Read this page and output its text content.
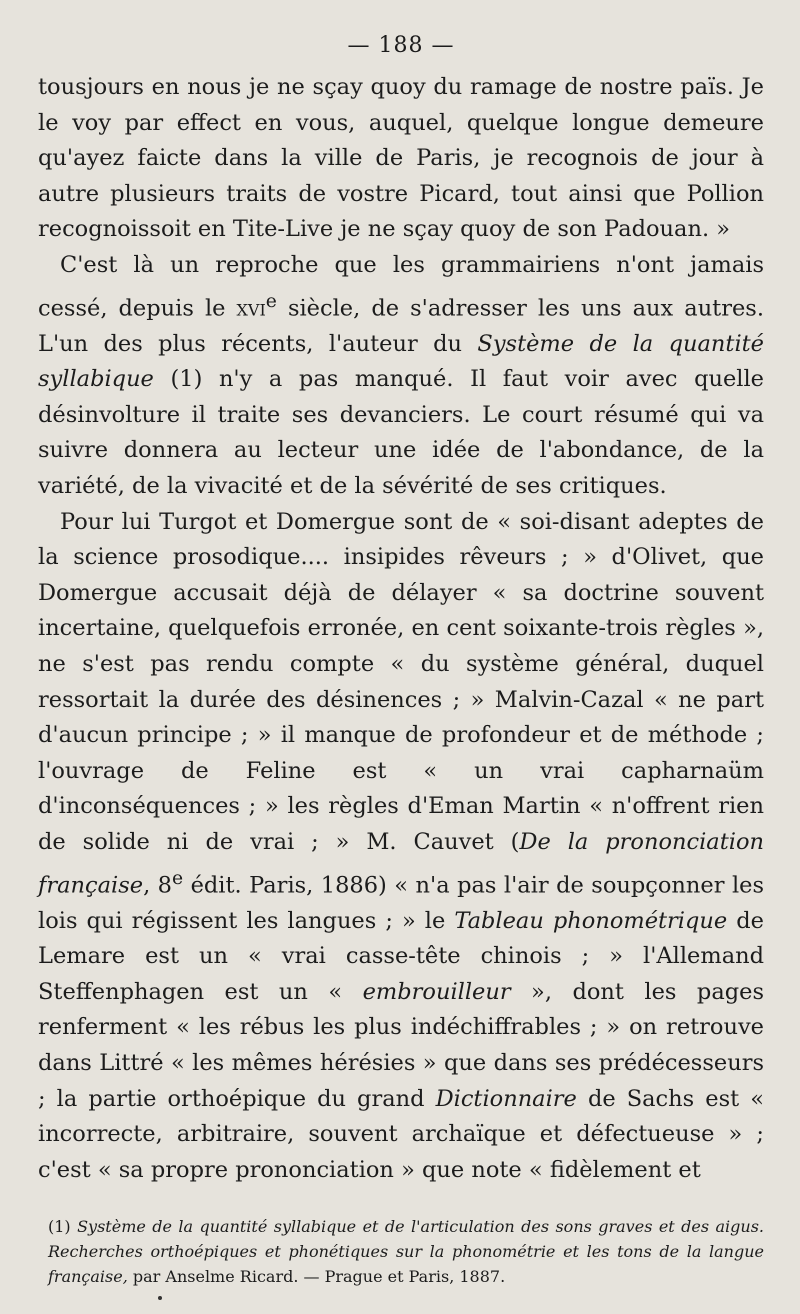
— 188 —

tousjours en nous je ne sçay quoy du ramage de nostre païs. Je le voy par effect en vous, auquel, quelque longue demeure qu'ayez faicte dans la ville de Paris, je recognois de jour à autre plusieurs traits de vostre Picard, tout ainsi que Pollion recognoissoit en Tite-Live je ne sçay quoy de son Padouan. »

C'est là un reproche que les grammairiens n'ont jamais cessé, depuis le xvi$^e$ siècle, de s'adresser les uns aux autres. L'un des plus récents, l'auteur du Système de la quantité syllabique (1) n'y a pas manqué. Il faut voir avec quelle désinvolture il traite ses devanciers. Le court résumé qui va suivre donnera au lecteur une idée de l'abondance, de la variété, de la vivacité et de la sévérité de ses critiques.

Pour lui Turgot et Domergue sont de « soi-disant adeptes de la science prosodique.... insipides rêveurs ; » d'Olivet, que Domergue accusait déjà de délayer « sa doctrine souvent incertaine, quelquefois erronée, en cent soixante-trois règles », ne s'est pas rendu compte « du système général, duquel ressortait la durée des désinences ; » Malvin-Cazal « ne part d'aucun principe ; » il manque de profondeur et de méthode ; l'ouvrage de Feline est « un vrai capharnaüm d'inconséquences ; » les règles d'Eman Martin « n'offrent rien de solide ni de vrai ; » M. Cauvet (De la prononciation française, 8e édit. Paris, 1886) « n'a pas l'air de soupçonner les lois qui régissent les langues ; » le Tableau phonométrique de Lemare est un « vrai casse-tête chinois ; » l'Allemand Steffenphagen est un « embrouilleur », dont les pages renferment « les rébus les plus indéchiffrables ; » on retrouve dans Littré « les mêmes hérésies » que dans ses prédécesseurs ; la partie orthoépique du grand Dictionnaire de Sachs est « incorrecte, arbitraire, souvent archaïque et défectueuse » ; c'est « sa propre prononciation » que note « fidèlement et

(1) Système de la quantité syllabique et de l'articulation des sons graves et des aigus. Recherches orthoépiques et phonétiques sur la phonométrie et les tons de la langue française, par Anselme Ricard. — Prague et Paris, 1887.
